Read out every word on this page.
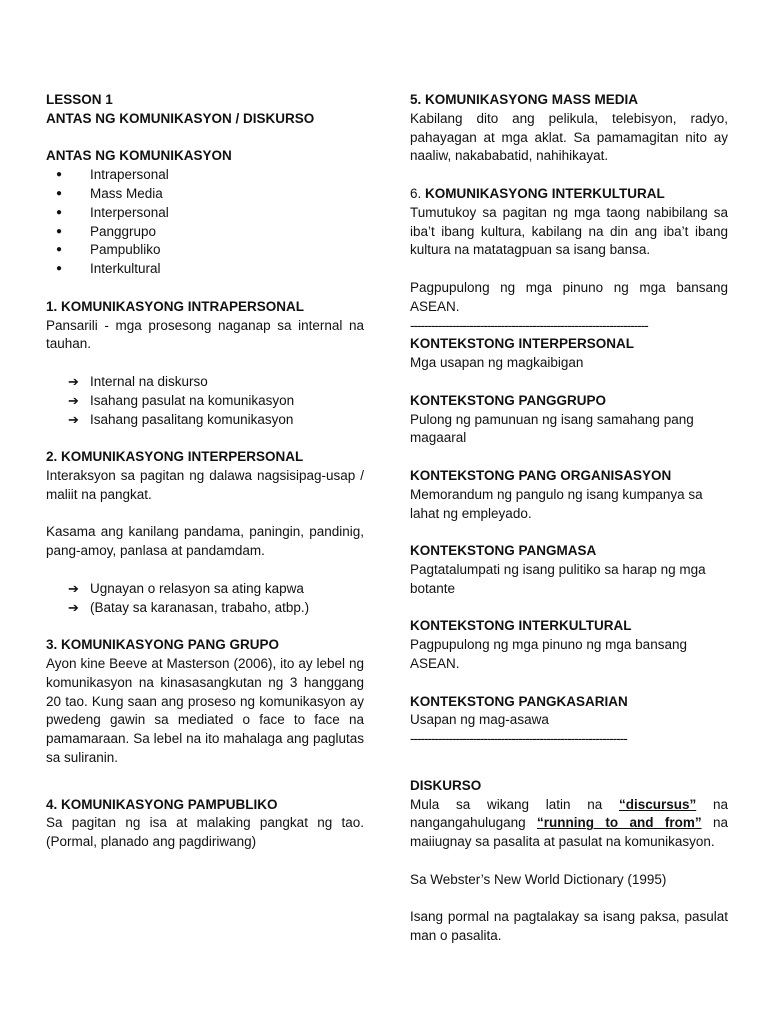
LESSON 1
ANTAS NG KOMUNIKASYON / DISKURSO
ANTAS NG KOMUNIKASYON
● Intrapersonal
● Mass Media
● Interpersonal
● Panggrupo
● Pampubliko
● Interkultural
1. KOMUNIKASYONG INTRAPERSONAL
Pansarili - mga prosesong naganap sa internal na tauhan.
➔ Internal na diskurso
➔ Isahang pasulat na komunikasyon
➔ Isahang pasalitang komunikasyon
2. KOMUNIKASYONG INTERPERSONAL
Interaksyon sa pagitan ng dalawa nagsisipag-usap / maliit na pangkat.
Kasama ang kanilang pandama, paningin, pandinig, pang-amoy, panlasa at pandamdam.
➔ Ugnayan o relasyon sa ating kapwa
➔ (Batay sa karanasan, trabaho, atbp.)
3. KOMUNIKASYONG PANG GRUPO
Ayon kine Beeve at Masterson (2006), ito ay lebel ng komunikasyon na kinasasangkutan ng 3 hanggang 20 tao. Kung saan ang proseso ng komunikasyon ay pwedeng gawin sa mediated o face to face na pamamaraan. Sa lebel na ito mahalaga ang paglutas sa suliranin.
4. KOMUNIKASYONG PAMPUBLIKO
Sa pagitan ng isa at malaking pangkat ng tao. (Pormal, planado ang pagdiriwang)
5. KOMUNIKASYONG MASS MEDIA
Kabilang dito ang pelikula, telebisyon, radyo, pahayagan at mga aklat. Sa pamamagitan nito ay naaliw, nakababatid, nahihikayat.
6. KOMUNIKASYONG INTERKULTURAL
Tumutukoy sa pagitan ng mga taong nabibilang sa iba’t ibang kultura, kabilang na din ang iba’t ibang kultura na matatagpuan sa isang bansa.
Pagpupulong ng mga pinuno ng mga bansang ASEAN.
--------------------------------------------------------------------
KONTEKSTONG INTERPERSONAL
Mga usapan ng magkaibigan
KONTEKSTONG PANGGRUPO
Pulong ng pamunuan ng isang samahang pang magaaral
KONTEKSTONG PANG ORGANISASYON
Memorandum ng pangulo ng isang kumpanya sa lahat ng empleyado.
KONTEKSTONG PANGMASA
Pagtatalumpati ng isang pulitiko sa harap ng mga botante
KONTEKSTONG INTERKULTURAL
Pagpupulong ng mga pinuno ng mga bansang ASEAN.
KONTEKSTONG PANGKASARIAN
Usapan ng mag-asawa
--------------------------------------------------------------
DISKURSO
Mula sa wikang latin na “discursus” na nangangahulugang “running to and from” na maiiugnay sa pasalita at pasulat na komunikasyon.
Sa Webster’s New World Dictionary (1995)
Isang pormal na pagtalakay sa isang paksa, pasulat man o pasalita.
